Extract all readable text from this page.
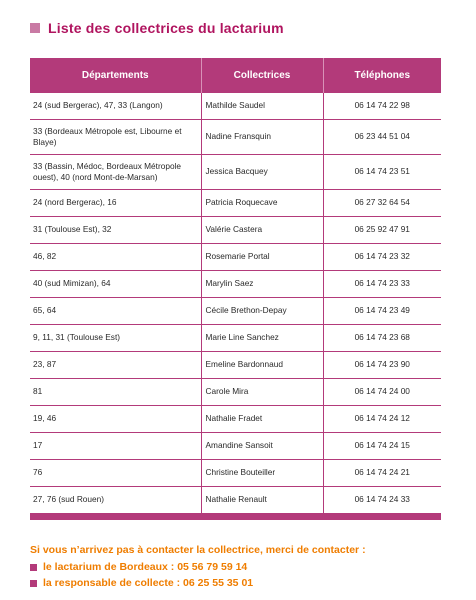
Liste des collectrices du lactarium
Départements	Collectrices	Téléphones
24 (sud Bergerac), 47, 33 (Langon)	Mathilde Saudel	06 14 74 22 98
33 (Bordeaux Métropole est, Libourne et Blaye)	Nadine Fransquin	06 23 44 51 04
33 (Bassin, Médoc, Bordeaux Métropole ouest), 40 (nord Mont-de-Marsan)	Jessica Bacquey	06 14 74 23 51
24 (nord Bergerac), 16	Patricia Roquecave	06 27 32 64 54
31 (Toulouse Est), 32	Valérie Castera	06 25 92 47 91
46, 82	Rosemarie Portal	06 14 74 23 32
40 (sud Mimizan), 64	Marylin Saez	06 14 74 23 33
65, 64	Cécile Brethon-Depay	06 14 74 23 49
9, 11, 31 (Toulouse Est)	Marie Line Sanchez	06 14 74 23 68
23, 87	Emeline Bardonnaud	06 14 74 23 90
81	Carole Mira	06 14 74 24 00
19, 46	Nathalie Fradet	06 14 74 24 12
17	Amandine Sansoit	06 14 74 24 15
76	Christine Bouteiller	06 14 74 24 21
27, 76 (sud Rouen)	Nathalie Renault	06 14 74 24 33

Si vous n’arrivez pas à contacter la collectrice, merci de contacter :

le lactarium de Bordeaux : 05 56 79 59 14
la responsable de collecte : 06 25 55 35 01
